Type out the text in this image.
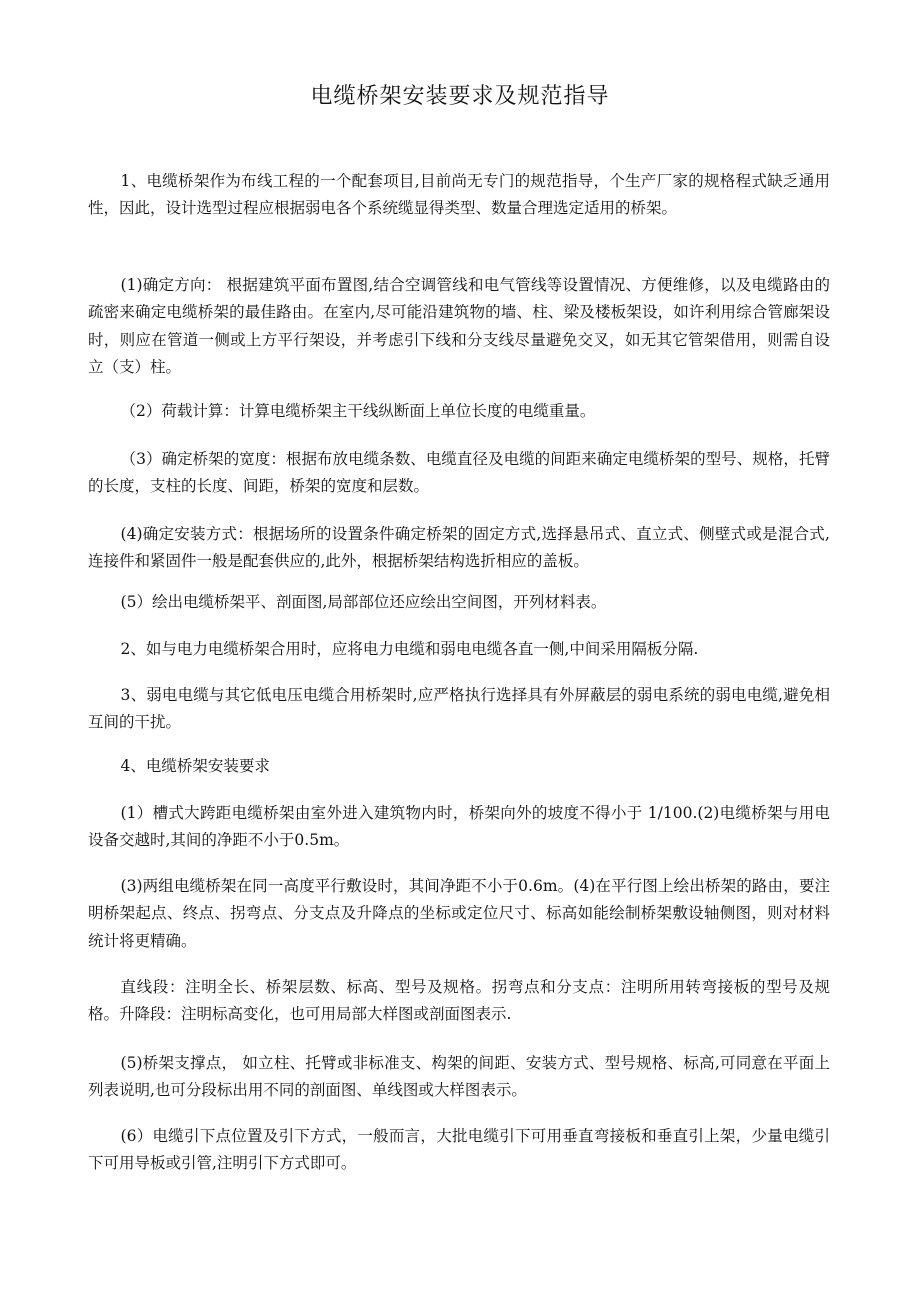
电缆桥架安装要求及规范指导

1、电缆桥架作为布线工程的一个配套项目,目前尚无专门的规范指导，个生产厂家的规格程式缺乏通用性，因此，设计选型过程应根据弱电各个系统缆显得类型、数量合理选定适用的桥架。

(1)确定方向： 根据建筑平面布置图,结合空调管线和电气管线等设置情况、方便维修，以及电缆路由的疏密来确定电缆桥架的最佳路由。在室内,尽可能沿建筑物的墙、柱、梁及楼板架设，如许利用综合管廊架设时，则应在管道一侧或上方平行架设，并考虑引下线和分支线尽量避免交叉，如无其它管架借用，则需自设立（支）柱。

（2）荷载计算：计算电缆桥架主干线纵断面上单位长度的电缆重量。

（3）确定桥架的宽度：根据布放电缆条数、电缆直径及电缆的间距来确定电缆桥架的型号、规格，托臂的长度，支柱的长度、间距，桥架的宽度和层数。

(4)确定安装方式：根据场所的设置条件确定桥架的固定方式,选择悬吊式、直立式、侧壁式或是混合式,连接件和紧固件一般是配套供应的,此外，根据桥架结构选折相应的盖板。

(5）绘出电缆桥架平、剖面图,局部部位还应绘出空间图，开列材料表。

2、如与电力电缆桥架合用时，应将电力电缆和弱电电缆各直一侧,中间采用隔板分隔.

3、弱电电缆与其它低电压电缆合用桥架时,应严格执行选择具有外屏蔽层的弱电系统的弱电电缆,避免相互间的干扰。

4、电缆桥架安装要求

(1）槽式大跨距电缆桥架由室外进入建筑物内时，桥架向外的坡度不得小于 1/100.(2)电缆桥架与用电设备交越时,其间的净距不小于0.5m。

(3)两组电缆桥架在同一高度平行敷设时，其间净距不小于0.6m。(4)在平行图上绘出桥架的路由，要注明桥架起点、终点、拐弯点、分支点及升降点的坐标或定位尺寸、标高如能绘制桥架敷设轴侧图，则对材料统计将更精确。

直线段：注明全长、桥架层数、标高、型号及规格。拐弯点和分支点：注明所用转弯接板的型号及规格。升降段：注明标高变化，也可用局部大样图或剖面图表示.

(5)桥架支撑点， 如立柱、托臂或非标准支、构架的间距、安装方式、型号规格、标高,可同意在平面上列表说明,也可分段标出用不同的剖面图、单线图或大样图表示。

(6）电缆引下点位置及引下方式，一般而言，大批电缆引下可用垂直弯接板和垂直引上架，少量电缆引下可用导板或引管,注明引下方式即可。
